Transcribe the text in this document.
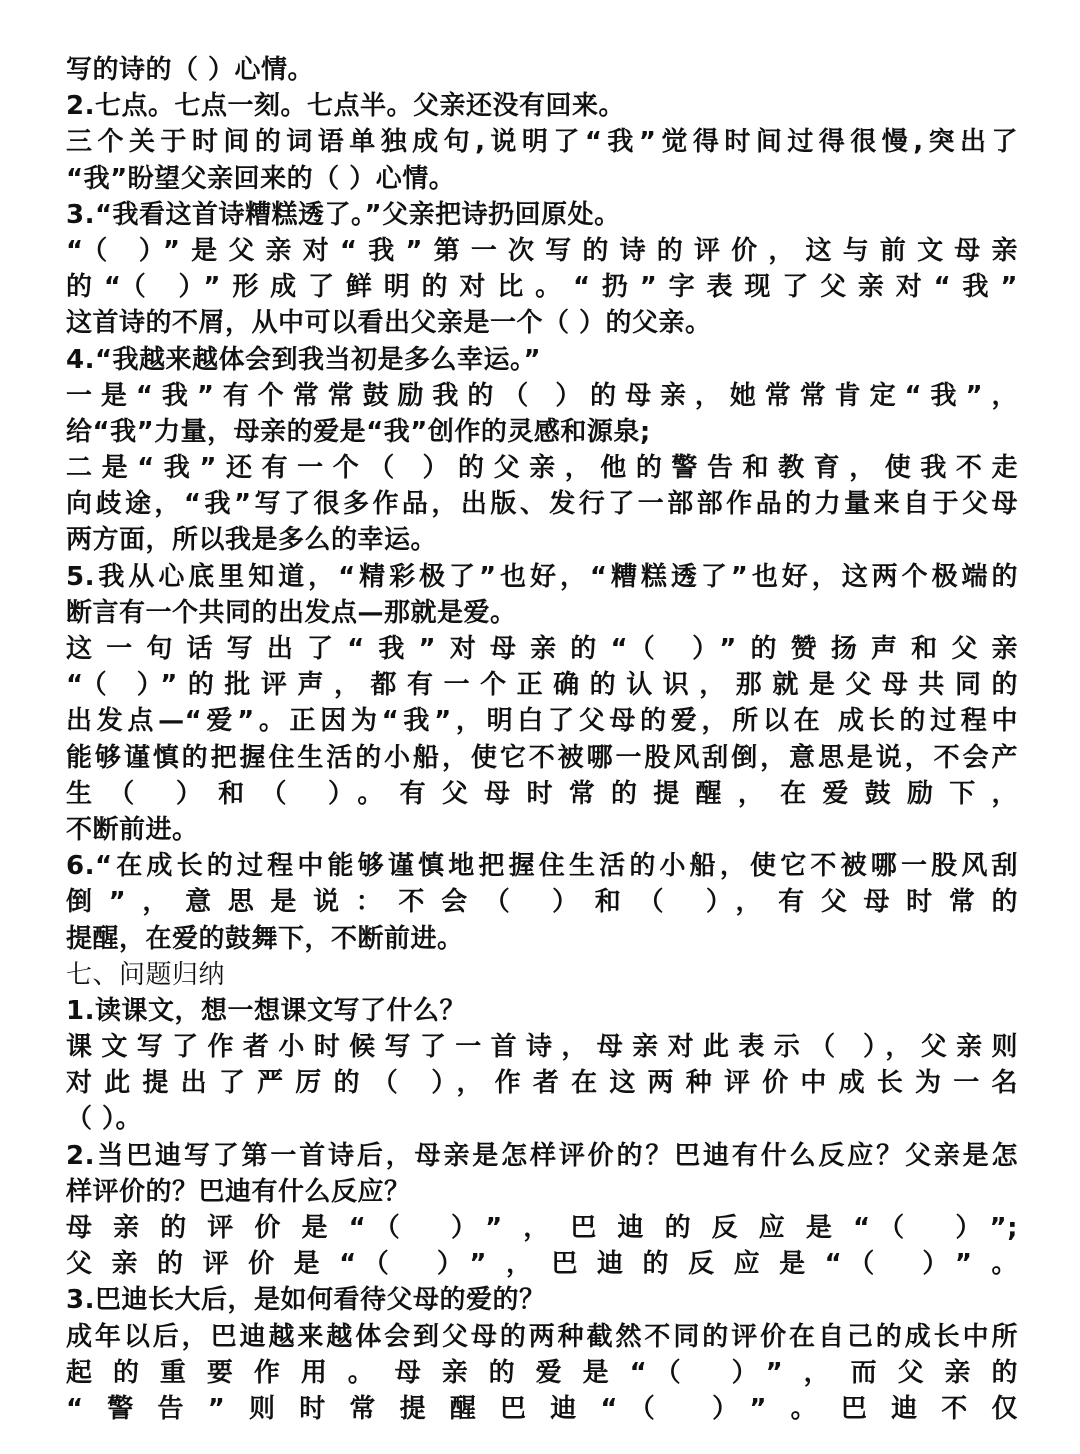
写的诗的（ ）心情。
2.七点。七点一刻。七点半。父亲还没有回来。
三个关于时间的词语单独成句,说明了“我”觉得时间过得很慢,突出了
“我”盼望父亲回来的（ ）心情。
3.“我看这首诗糟糕透了。”父亲把诗扔回原处。
“（ ）”是父亲对“我”第一次写的诗的评价，这与前文母亲
的“（ ）”形成了鲜明的对比。“扔”字表现了父亲对“我”
这首诗的不屑，从中可以看出父亲是一个（ ）的父亲。
4.“我越来越体会到我当初是多么幸运。”
一是“我”有个常常鼓励我的（ ）的母亲，她常常肯定“我”，
给“我”力量，母亲的爱是“我”创作的灵感和源泉;
二是“我”还有一个（ ）的父亲，他的警告和教育，使我不走
向歧途，“我”写了很多作品，出版、发行了一部部作品的力量来自于父母
两方面，所以我是多么的幸运。
5.我从心底里知道，“精彩极了”也好，“糟糕透了”也好，这两个极端的
断言有一个共同的出发点—那就是爱。
这一句话写出了“我”对母亲的“（ ）”的赞扬声和父亲
“（ ）”的批评声，都有一个正确的认识，那就是父母共同的
出发点—“爱”。正因为“我”，明白了父母的爱，所以在 成长的过程中
能够谨慎的把握住生活的小船，使它不被哪一股风刮倒，意思是说，不会产
生（ ）和（ ）。有父母时常的提醒，在爱鼓励下，
不断前进。
6.“在成长的过程中能够谨慎地把握住生活的小船，使它不被哪一股风刮
倒”，意思是说：不会（ ）和（ ），有父母时常的
提醒，在爱的鼓舞下，不断前进。
七、问题归纳
1.读课文，想一想课文写了什么？
课文写了作者小时候写了一首诗，母亲对此表示（ ），父亲则
对此提出了严厉的（ ），作者在这两种评价中成长为一名
（ ）。
2.当巴迪写了第一首诗后，母亲是怎样评价的？巴迪有什么反应？父亲是怎
样评价的？巴迪有什么反应？
母亲的评价是“（ ）”，巴迪的反应是“（ ）”;
父亲的评价是“（ ）”，巴迪的反应是“（ ）”。
3.巴迪长大后，是如何看待父母的爱的？
成年以后，巴迪越来越体会到父母的两种截然不同的评价在自己的成长中所
起的重要作用。母亲的爱是“（ ）”，而父亲的
“警告”则时常提醒巴迪“（ ）”。巴迪不仅
